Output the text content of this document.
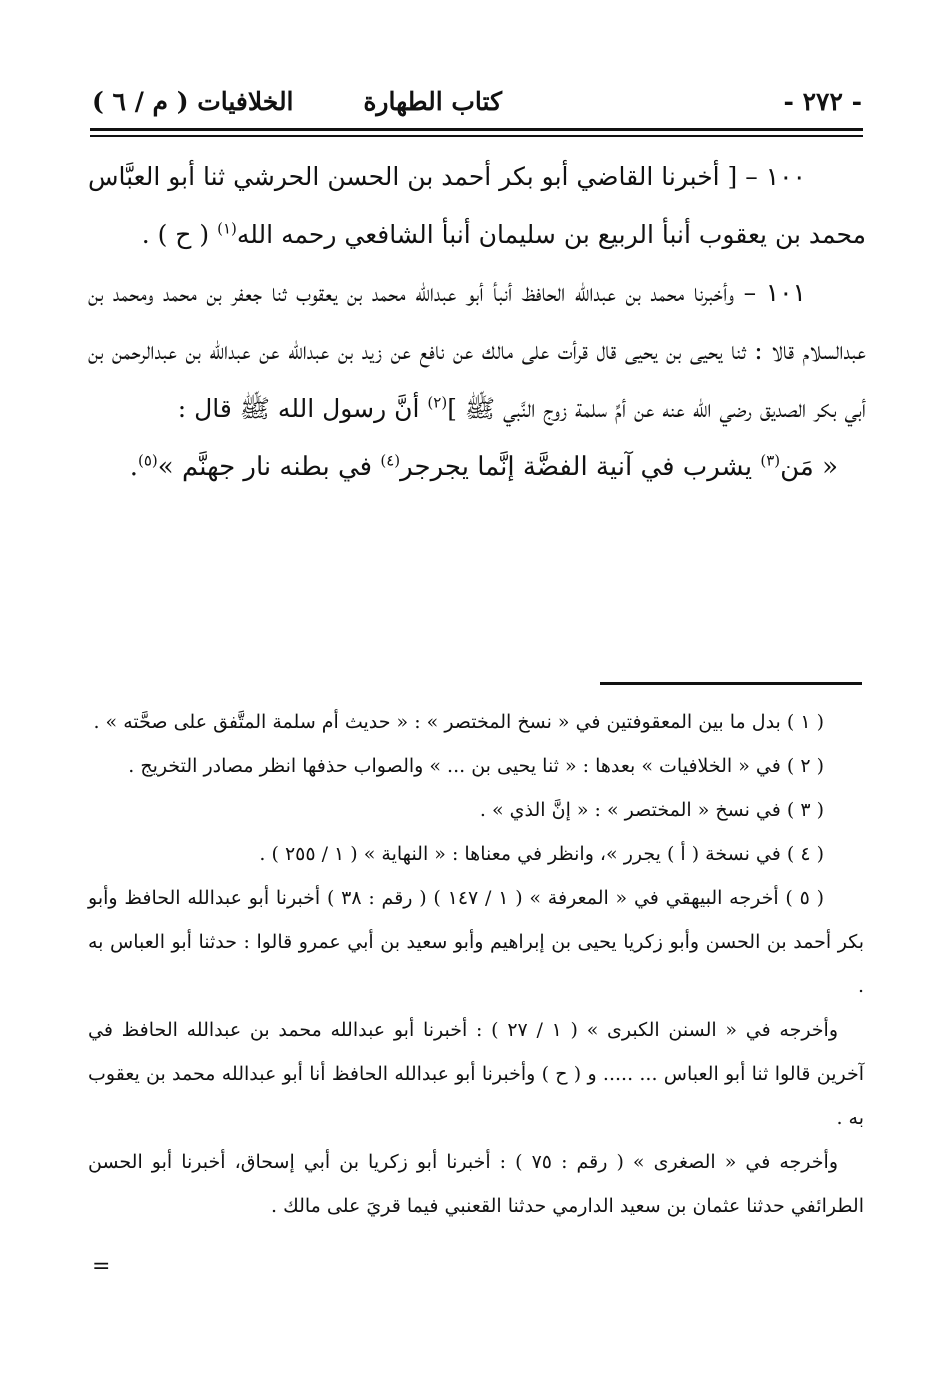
- ٢٧٢ -
كتاب الطهارة
الخلافيات ( م / ٦ )

١٠٠ – [ أخبرنا القاضي أبو بكر أحمد بن الحسن الحرشي ثنا أبو العبَّاس محمد بن يعقوب أنبأ الربيع بن سليمان أنبأ الشافعي رحمه الله$^{(١)}$ ( ح ) .

١٠١ – وأخبرنا محمد بن عبدالله الحافظ أنبأ أبو عبدالله محمد بن يعقوب ثنا جعفر بن محمد ومحمد بن عبدالسلام قالا : ثنا يحيى بن يحيى قال قرأت على مالك عن نافع عن زيد بن عبدالله عن عبدالله بن عبدالرحمن بن أبي بكر الصديق رضي الله عنه عن أمِّ سلمة زوج النَّبي ﷺ ]$^{(٢)}$ أنَّ رسول الله ﷺ قال :

« مَن$^{(٣)}$ يشرب في آنية الفضَّة إنَّما يجرجر$^{(٤)}$ في بطنه نار جهنَّم »$^{(٥)}$.

( ١ ) بدل ما بين المعقوفتين في « نسخ المختصر » : « حديث أم سلمة المتَّفق على صحَّته » .

( ٢ ) في « الخلافيات » بعدها : « ثنا يحيى بن ... » والصواب حذفها انظر مصادر التخريج .

( ٣ ) في نسخ « المختصر » : « إنَّ الذي » .

( ٤ ) في نسخة ( أ ) يجرر »، وانظر في معناها : « النهاية » ( ١ / ٢٥٥ ) .

( ٥ ) أخرجه البيهقي في « المعرفة » ( ١ / ١٤٧ ) ( رقم : ٣٨ ) أخبرنا أبو عبدالله الحافظ وأبو بكر أحمد بن الحسن وأبو زكريا يحيى بن إبراهيم وأبو سعيد بن أبي عمرو قالوا : حدثنا أبو العباس به .

وأخرجه في « السنن الكبرى » ( ١ / ٢٧ ) : أخبرنا أبو عبدالله محمد بن عبدالله الحافظ في آخرين قالوا ثنا أبو العباس ... ..... و ( ح ) وأخبرنا أبو عبدالله الحافظ أنا أبو عبدالله محمد بن يعقوب به .

وأخرجه في « الصغرى » ( رقم : ٧٥ ) : أخبرنا أبو زكريا بن أبي إسحاق، أخبرنا أبو الحسن الطرائفي حدثنا عثمان بن سعيد الدارمي حدثنا القعنبي فيما قريَ على مالك .

=
